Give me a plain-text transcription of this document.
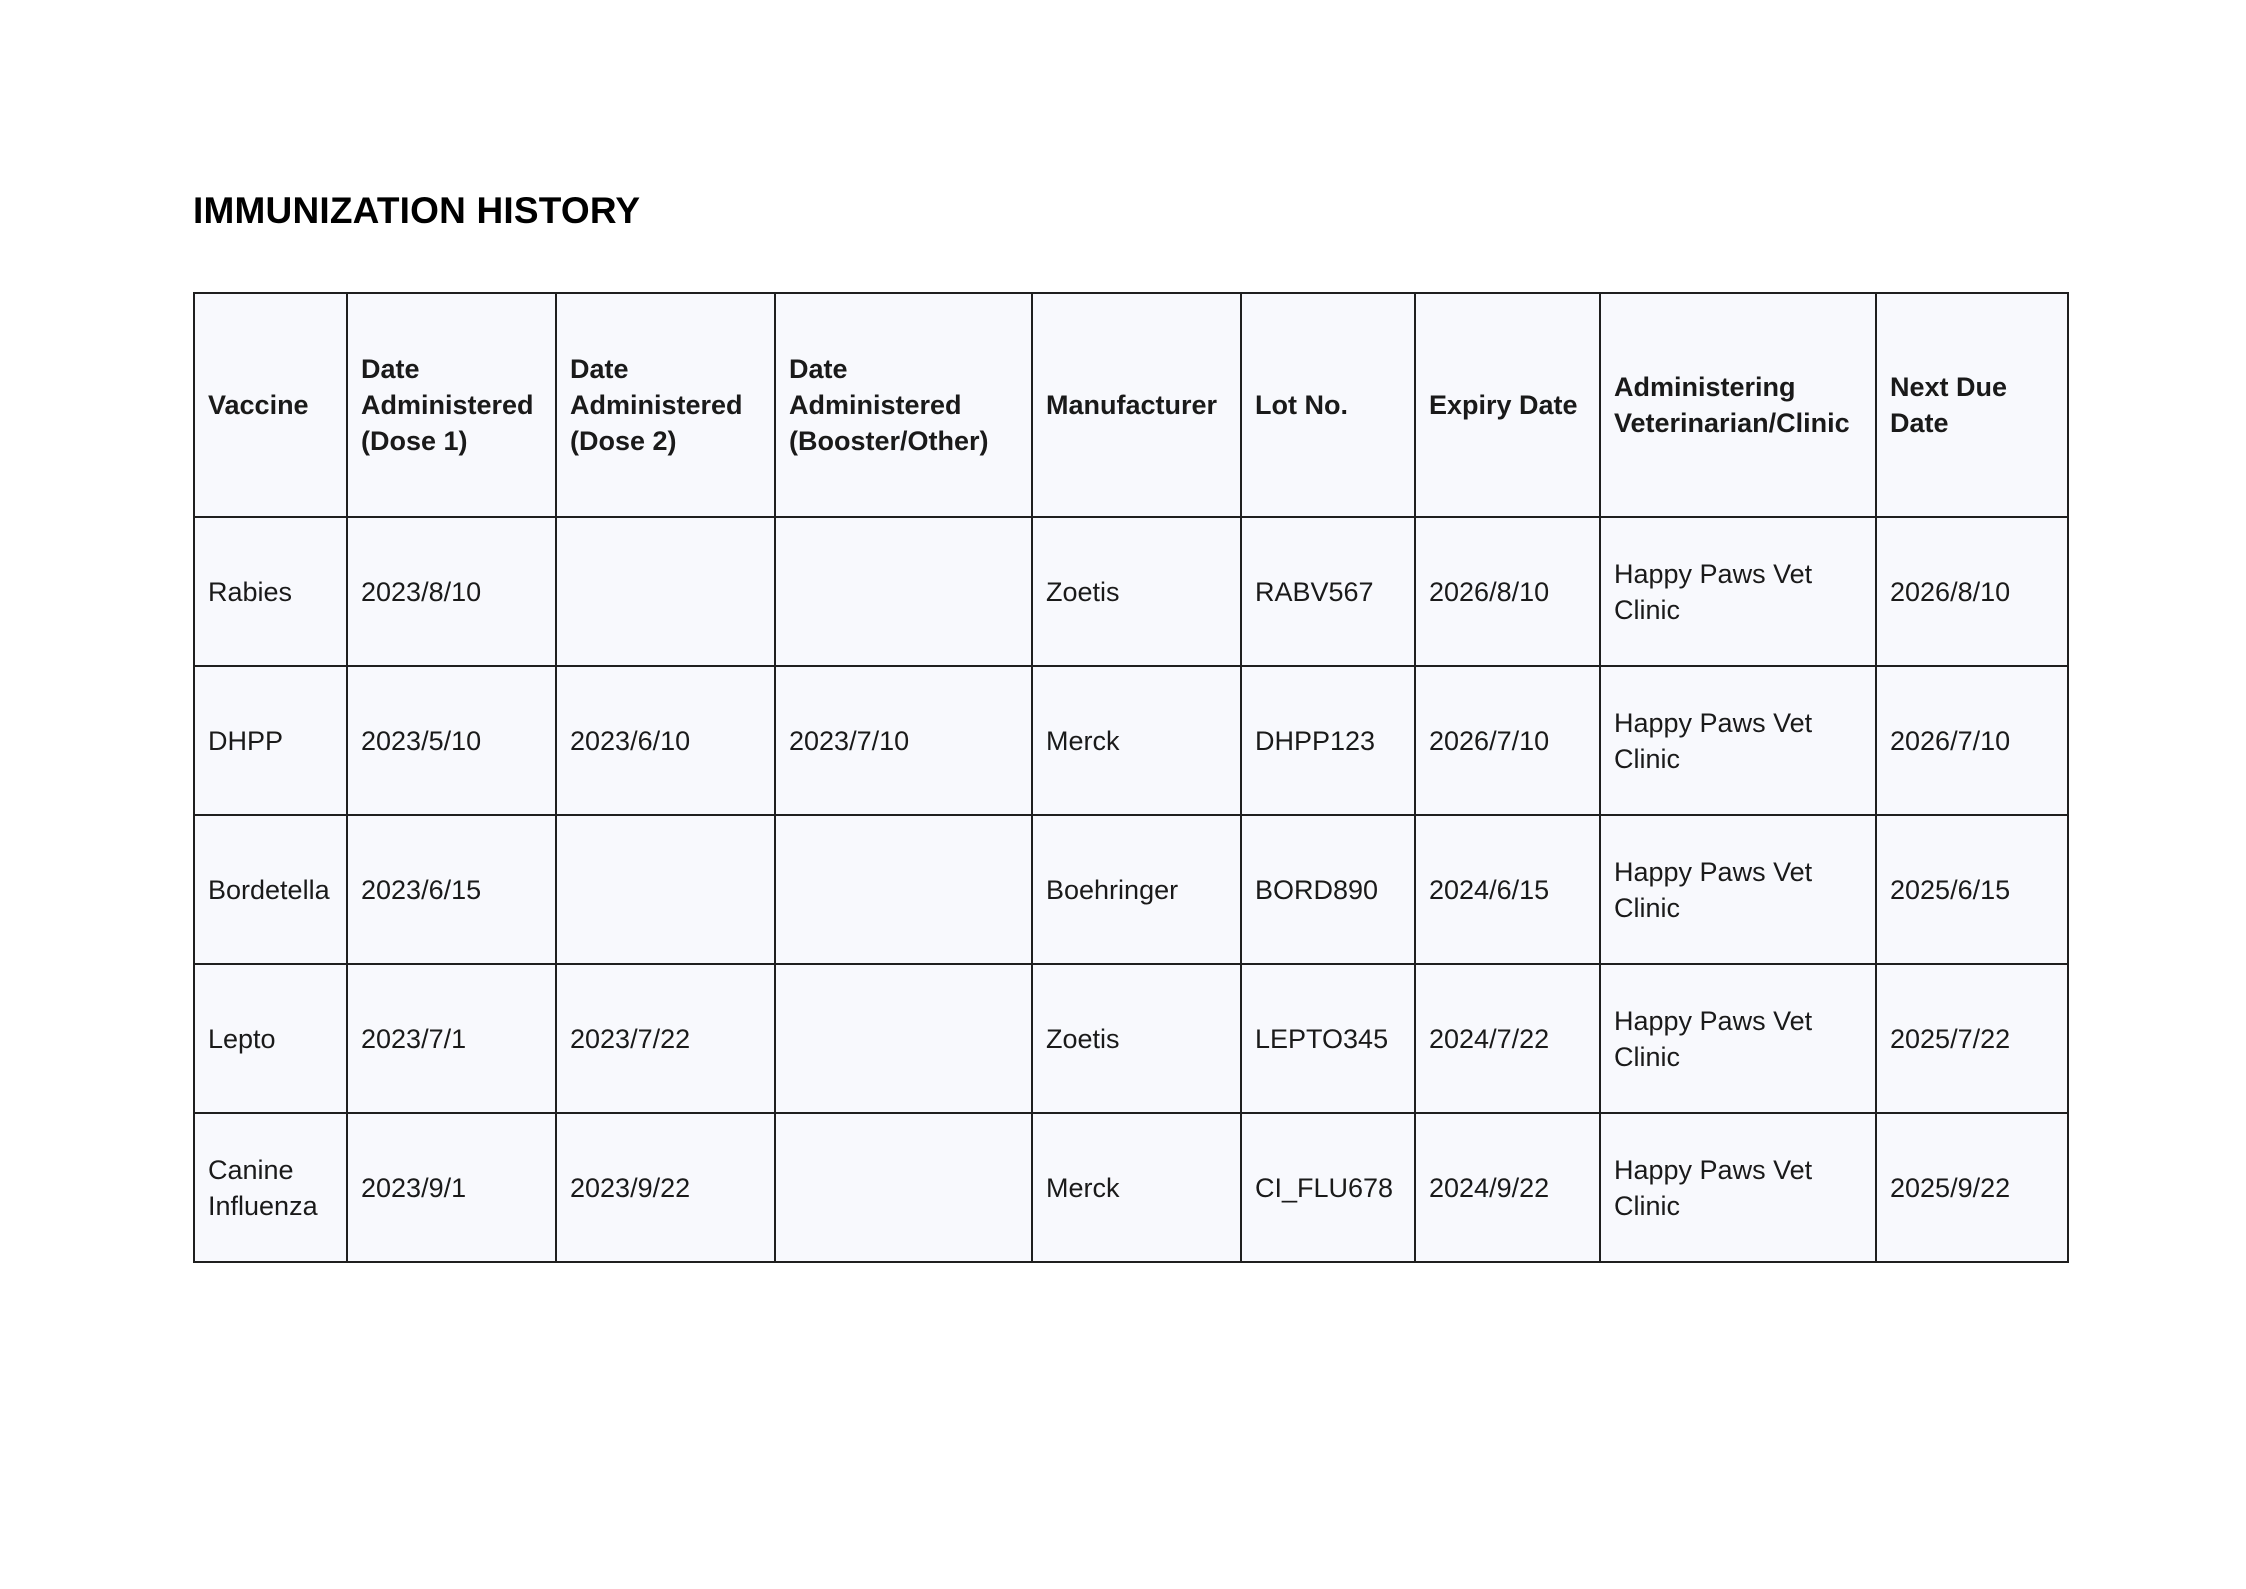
IMMUNIZATION HISTORY
Vaccine	Date Administered (Dose 1)	Date Administered (Dose 2)	Date Administered (Booster/Other)	Manufacturer	Lot No.	Expiry Date	Administering Veterinarian/Clinic	Next Due Date
Rabies	2023/8/10			Zoetis	RABV567	2026/8/10	Happy Paws Vet Clinic	2026/8/10
DHPP	2023/5/10	2023/6/10	2023/7/10	Merck	DHPP123	2026/7/10	Happy Paws Vet Clinic	2026/7/10
Bordetella	2023/6/15			Boehringer	BORD890	2024/6/15	Happy Paws Vet Clinic	2025/6/15
Lepto	2023/7/1	2023/7/22		Zoetis	LEPTO345	2024/7/22	Happy Paws Vet Clinic	2025/7/22
Canine Influenza	2023/9/1	2023/9/22		Merck	CI_FLU678	2024/9/22	Happy Paws Vet Clinic	2025/9/22
